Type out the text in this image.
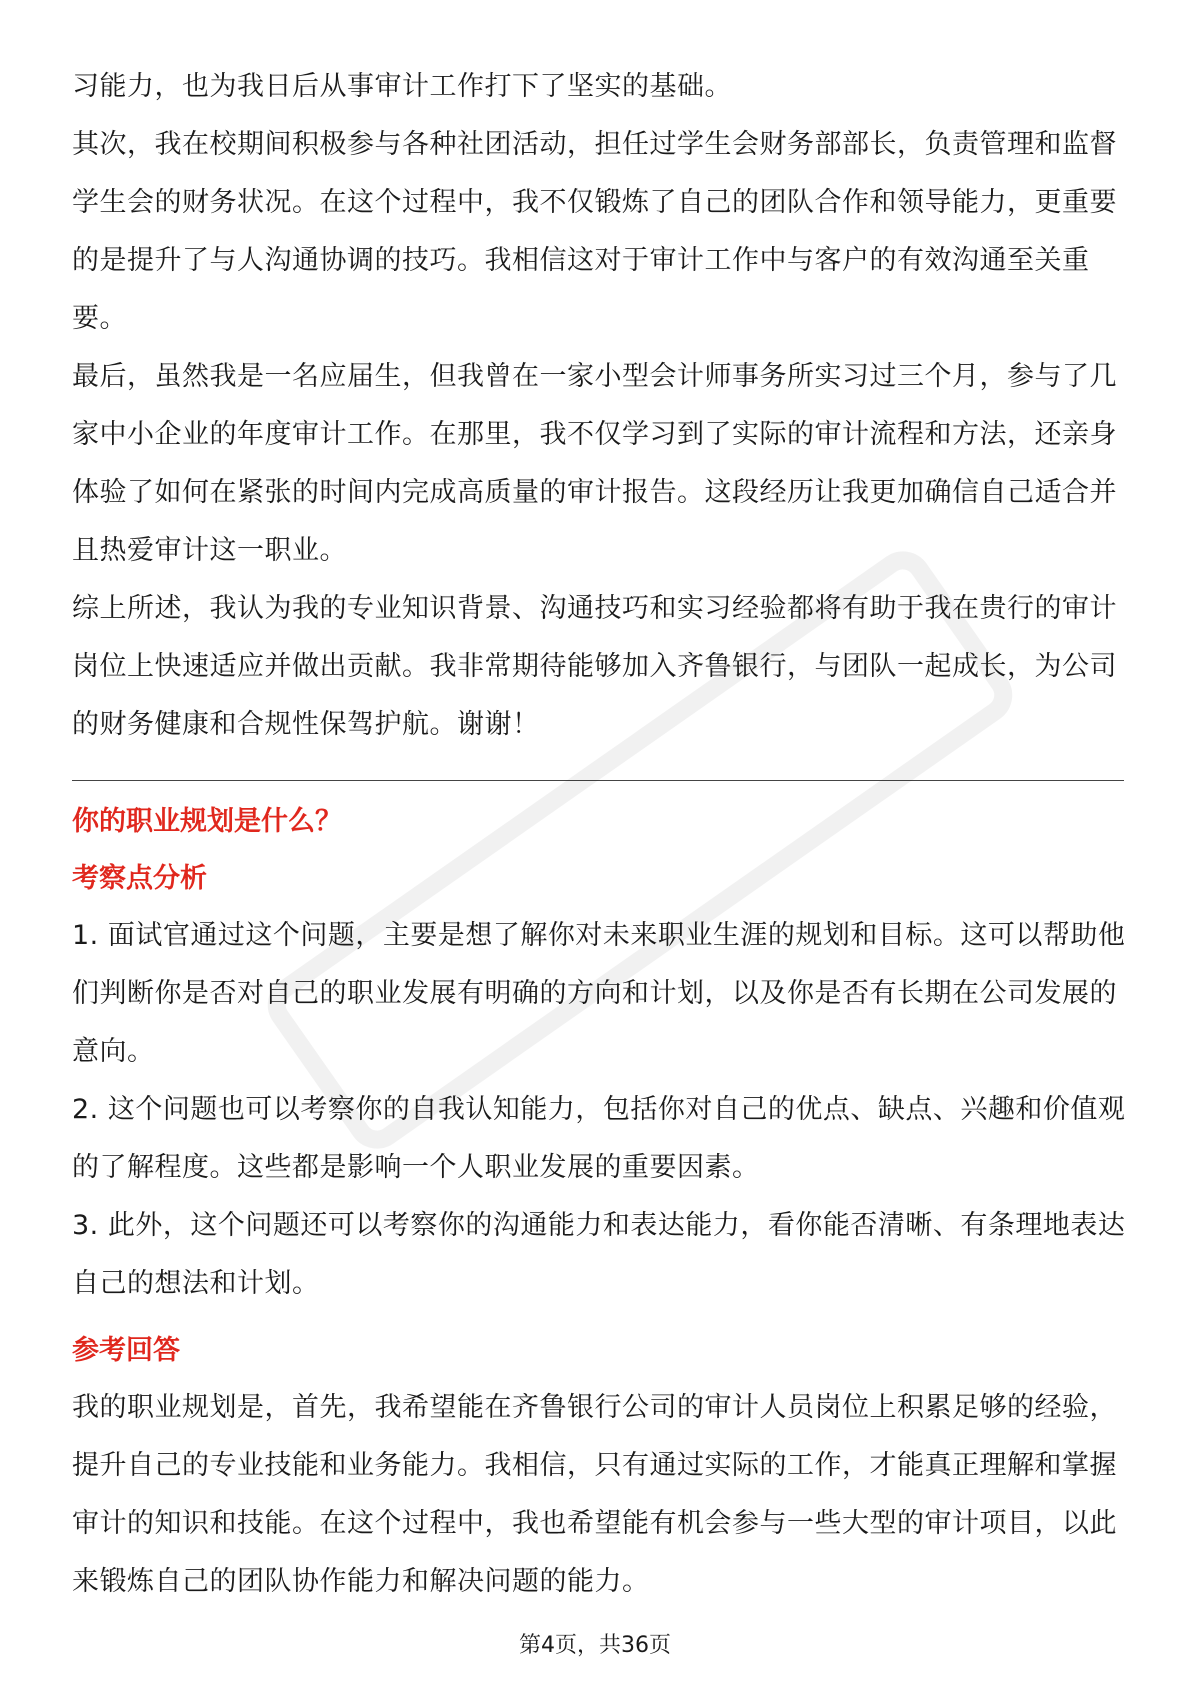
习能力，也为我日后从事审计工作打下了坚实的基础。

其次，我在校期间积极参与各种社团活动，担任过学生会财务部部长，负责管理和监督学生会的财务状况。在这个过程中，我不仅锻炼了自己的团队合作和领导能力，更重要的是提升了与人沟通协调的技巧。我相信这对于审计工作中与客户的有效沟通至关重要。

最后，虽然我是一名应届生，但我曾在一家小型会计师事务所实习过三个月，参与了几家中小企业的年度审计工作。在那里，我不仅学习到了实际的审计流程和方法，还亲身体验了如何在紧张的时间内完成高质量的审计报告。这段经历让我更加确信自己适合并且热爱审计这一职业。

综上所述，我认为我的专业知识背景、沟通技巧和实习经验都将有助于我在贵行的审计岗位上快速适应并做出贡献。我非常期待能够加入齐鲁银行，与团队一起成长，为公司的财务健康和合规性保驾护航。谢谢！

你的职业规划是什么？

考察点分析

1. 面试官通过这个问题，主要是想了解你对未来职业生涯的规划和目标。这可以帮助他们判断你是否对自己的职业发展有明确的方向和计划，以及你是否有长期在公司发展的意向。

2. 这个问题也可以考察你的自我认知能力，包括你对自己的优点、缺点、兴趣和价值观的了解程度。这些都是影响一个人职业发展的重要因素。

3. 此外，这个问题还可以考察你的沟通能力和表达能力，看你能否清晰、有条理地表达自己的想法和计划。

参考回答

我的职业规划是，首先，我希望能在齐鲁银行公司的审计人员岗位上积累足够的经验，提升自己的专业技能和业务能力。我相信，只有通过实际的工作，才能真正理解和掌握审计的知识和技能。在这个过程中，我也希望能有机会参与一些大型的审计项目，以此来锻炼自己的团队协作能力和解决问题的能力。

第4页，共36页
